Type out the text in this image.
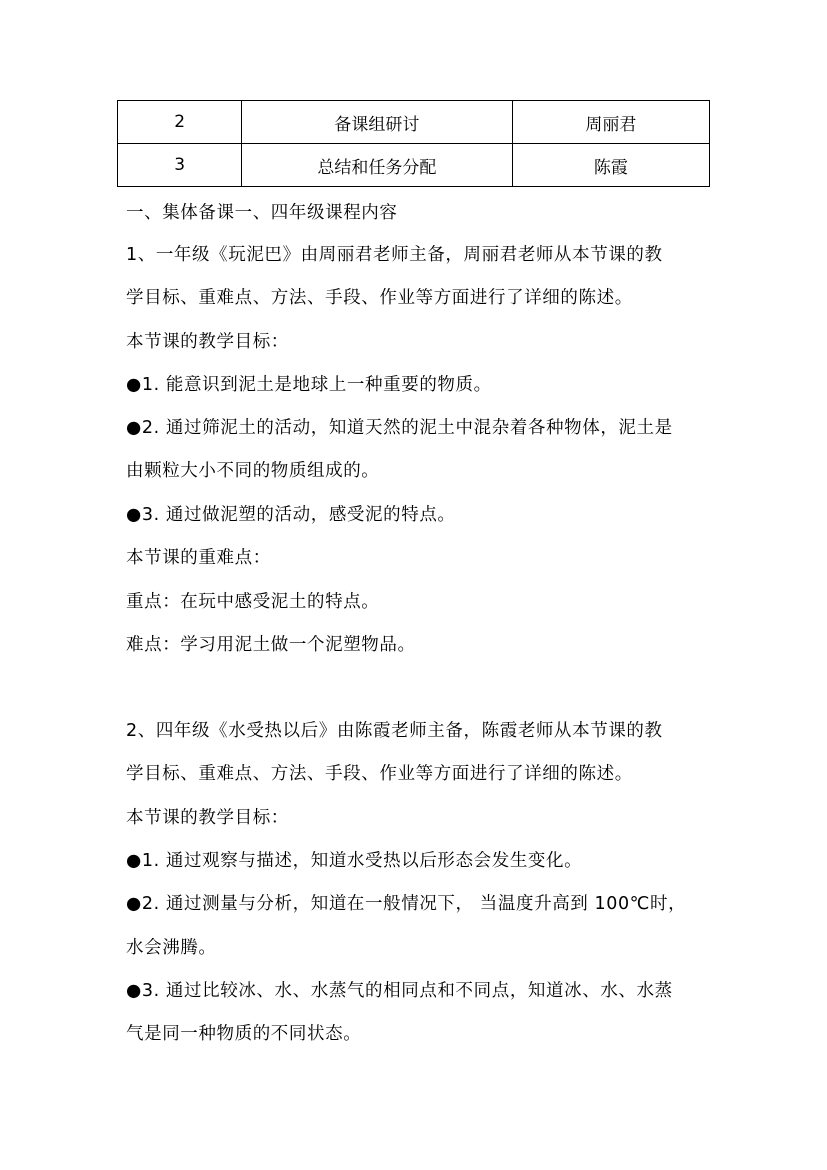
2	备课组研讨	周丽君
3	总结和任务分配	陈霞
一、集体备课一、四年级课程内容
1、一年级《玩泥巴》由周丽君老师主备，周丽君老师从本节课的教
学目标、重难点、方法、手段、作业等方面进行了详细的陈述。
本节课的教学目标：
●1. 能意识到泥土是地球上一种重要的物质。
●2. 通过筛泥土的活动，知道天然的泥土中混杂着各种物体，泥土是
由颗粒大小不同的物质组成的。
●3. 通过做泥塑的活动，感受泥的特点。
本节课的重难点：
重点：在玩中感受泥土的特点。
难点：学习用泥土做一个泥塑物品。
2、四年级《水受热以后》由陈霞老师主备，陈霞老师从本节课的教
学目标、重难点、方法、手段、作业等方面进行了详细的陈述。
本节课的教学目标：
●1. 通过观察与描述，知道水受热以后形态会发生变化。
●2. 通过测量与分析，知道在一般情况下， 当温度升高到 100℃时，
水会沸腾。
●3. 通过比较冰、水、水蒸气的相同点和不同点，知道冰、水、水蒸
气是同一种物质的不同状态。
